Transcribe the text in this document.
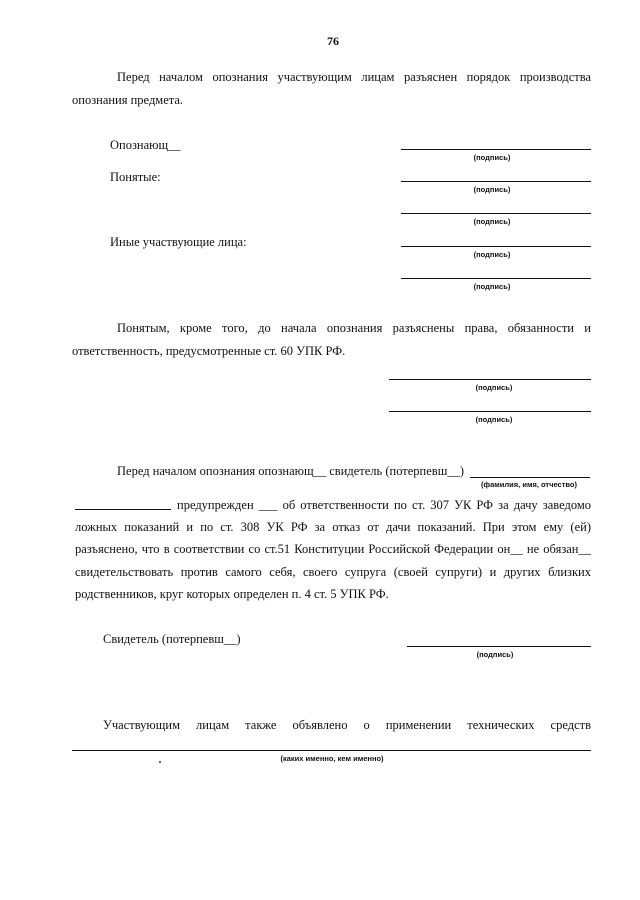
76
Перед началом опознания участвующим лицам разъяснен порядок производства
опознания предмета.
Опознающ__
(подпись)
Понятые:
(подпись)
(подпись)
Иные участвующие лица:
(подпись)
(подпись)
Понятым, кроме того, до начала опознания разъяснены права, обязанности и
ответственность, предусмотренные ст. 60 УПК РФ.
(подпись)
(подпись)
Перед началом опознания опознающ__ свидетель (потерпевш__)
(фамилия, имя, отчество)
предупрежден ___ об ответственности по ст. 307 УК РФ за дачу заведомо
ложных показаний и по ст. 308 УК РФ за отказ от дачи показаний. При этом ему (ей)
разъяснено, что в соответствии со ст.51 Конституции Российской Федерации он__ не обязан__
свидетельствовать против самого себя, своего супруга (своей супруги) и других близких
родственников, круг которых определен п. 4 ст. 5 УПК РФ.
Свидетель (потерпевш__)
(подпись)
Участвующим лицам также объявлено о применении технических средств
(каких именно, кем именно)
